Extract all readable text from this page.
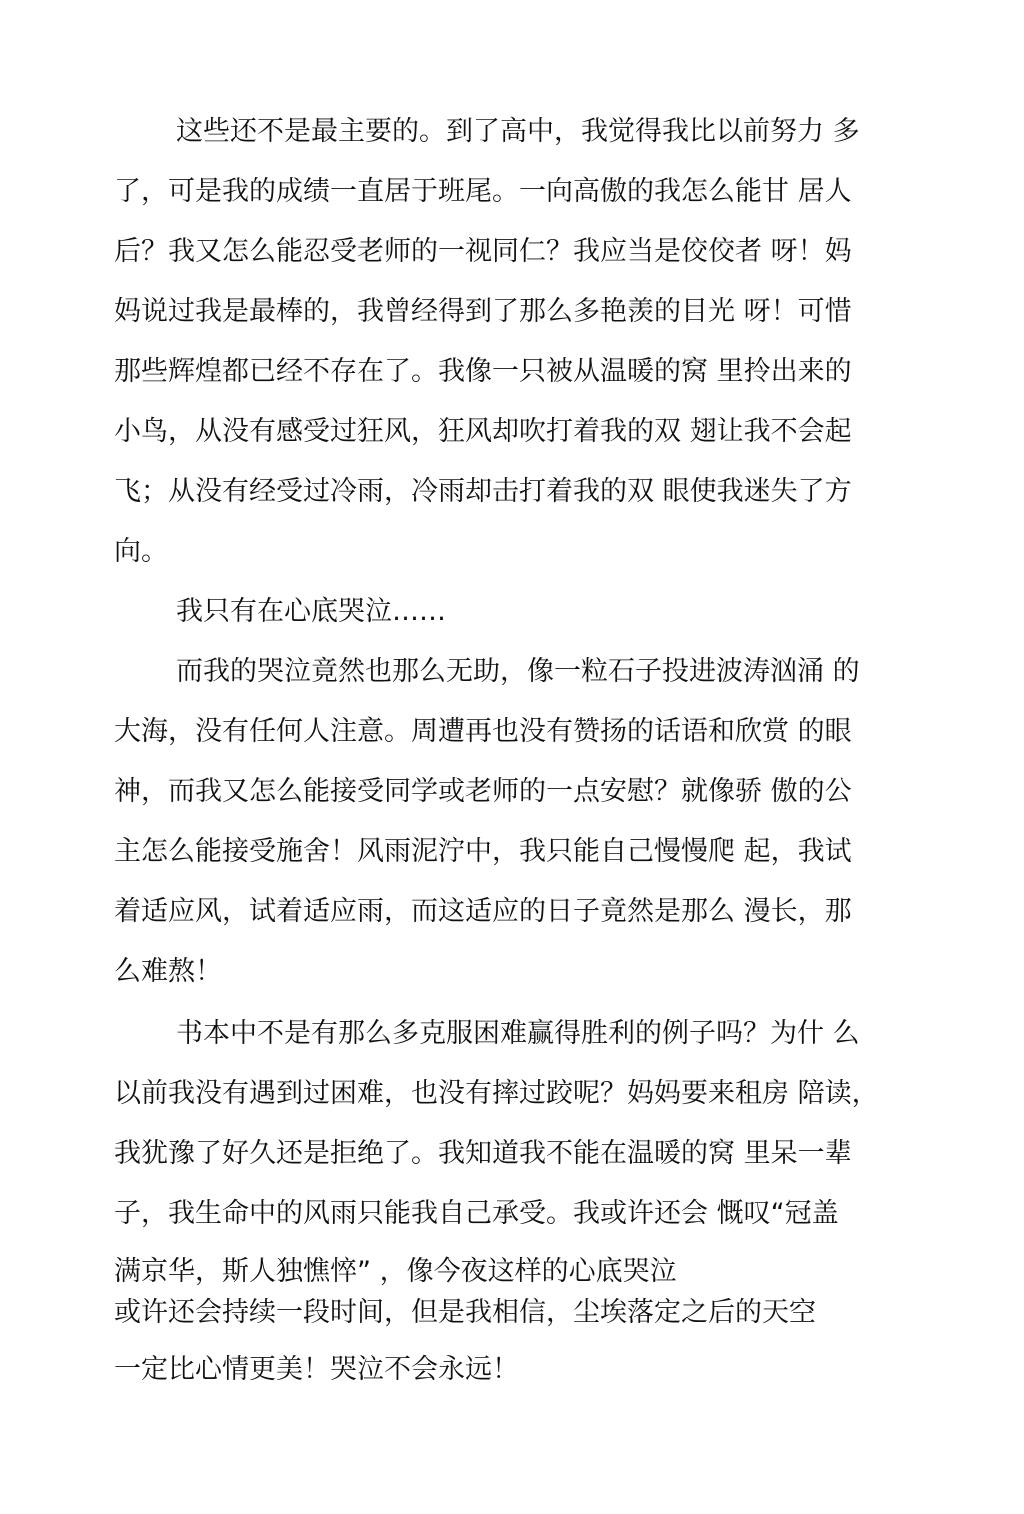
这些还不是最主要的。到了高中，我觉得我比以前努力 多
了，可是我的成绩一直居于班尾。一向高傲的我怎么能甘 居人
后？我又怎么能忍受老师的一视同仁？我应当是佼佼者 呀！妈
妈说过我是最棒的，我曾经得到了那么多艳羡的目光 呀！可惜
那些辉煌都已经不存在了。我像一只被从温暖的窝 里拎出来的
小鸟，从没有感受过狂风，狂风却吹打着我的双 翅让我不会起
飞；从没有经受过冷雨，冷雨却击打着我的双 眼使我迷失了方
向。
我只有在心底哭泣……
而我的哭泣竟然也那么无助，像一粒石子投进波涛汹涌 的
大海，没有任何人注意。周遭再也没有赞扬的话语和欣赏 的眼
神，而我又怎么能接受同学或老师的一点安慰？就像骄 傲的公
主怎么能接受施舍！风雨泥泞中，我只能自己慢慢爬 起，我试
着适应风，试着适应雨，而这适应的日子竟然是那么 漫长，那
么难熬！
书本中不是有那么多克服困难赢得胜利的例子吗？为什 么
以前我没有遇到过困难，也没有摔过跤呢？妈妈要来租房 陪读，
我犹豫了好久还是拒绝了。我知道我不能在温暖的窝 里呆一辈
子，我生命中的风雨只能我自己承受。我或许还会 慨叹“冠盖
满京华，斯人独憔悴” ，像今夜这样的心底哭泣
或许还会持续一段时间，但是我相信，尘埃落定之后的天空
一定比心情更美！哭泣不会永远！
